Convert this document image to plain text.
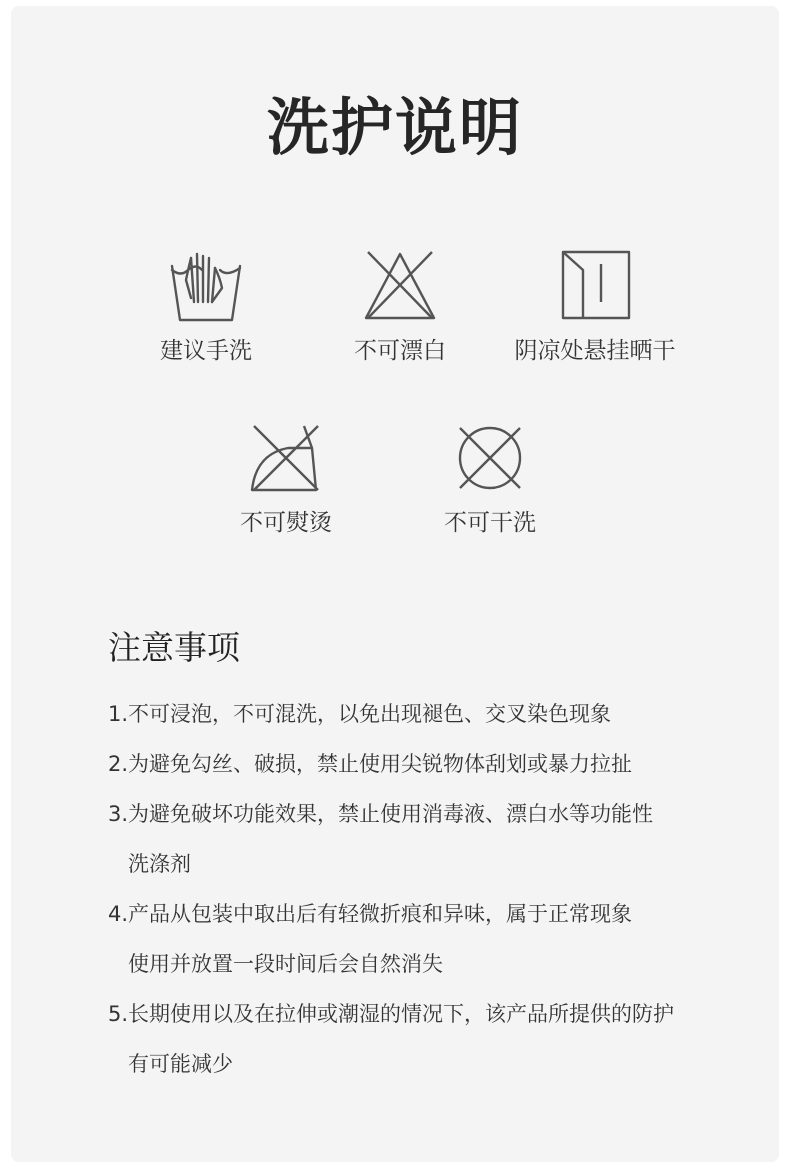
洗护说明
建议手洗	不可漂白	阴凉处悬挂晒干
不可熨烫	不可干洗
注意事项
1.不可浸泡，不可混洗，以免出现褪色、交叉染色现象
2.为避免勾丝、破损，禁止使用尖锐物体刮划或暴力拉扯
3.为避免破坏功能效果，禁止使用消毒液、漂白水等功能性
洗涤剂
4.产品从包装中取出后有轻微折痕和异味，属于正常现象
使用并放置一段时间后会自然消失
5.长期使用以及在拉伸或潮湿的情况下，该产品所提供的防护
有可能减少
